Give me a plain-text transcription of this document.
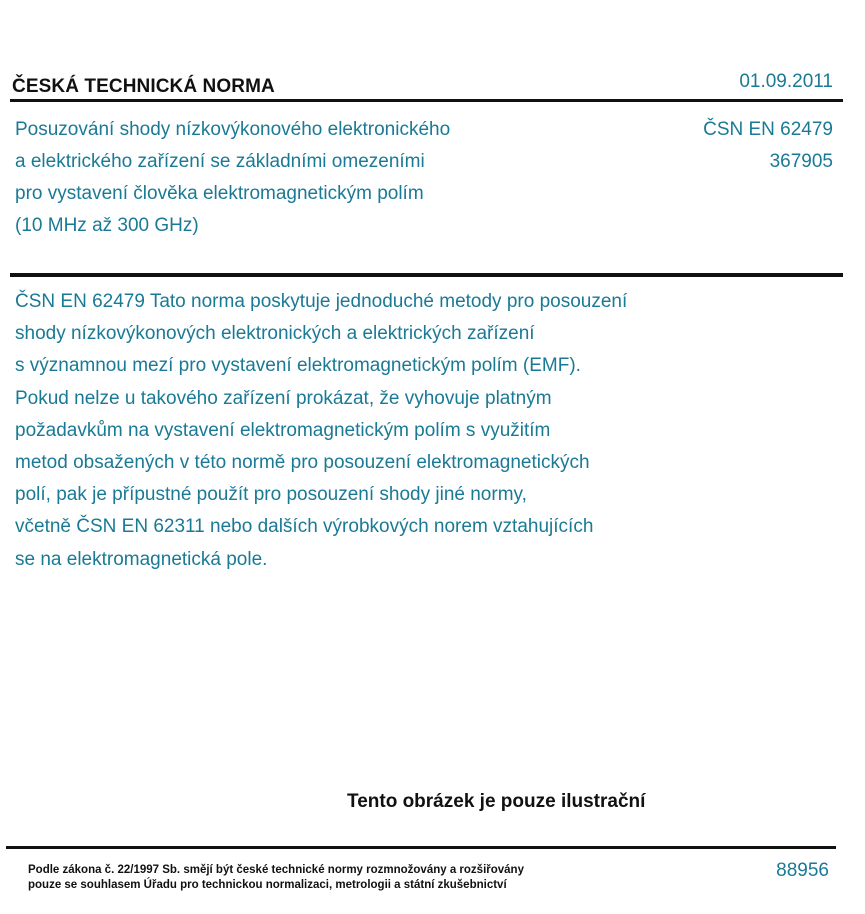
ČESKÁ TECHNICKÁ NORMA	01.09.2011
Posuzování shody nízkovýkonového elektronického
a elektrického zařízení se základními omezeními
pro vystavení člověka elektromagnetickým polím
(10 MHz až 300 GHz)
ČSN EN 62479
367905
ČSN EN 62479 Tato norma poskytuje jednoduché metody pro posouzení
shody nízkovýkonových elektronických a elektrických zařízení
s významnou mezí pro vystavení elektromagnetickým polím (EMF).
Pokud nelze u takového zařízení prokázat, že vyhovuje platným
požadavkům na vystavení elektromagnetickým polím s využitím
metod obsažených v této normě pro posouzení elektromagnetických
polí, pak je přípustné použít pro posouzení shody jiné normy,
včetně ČSN EN 62311 nebo dalších výrobkových norem vztahujících
se na elektromagnetická pole.
Tento obrázek je pouze ilustrační
Podle zákona č. 22/1997 Sb. smějí být české technické normy rozmnožovány a rozšiřovány
pouze se souhlasem Úřadu pro technickou normalizaci, metrologii a státní zkušebnictví
88956
